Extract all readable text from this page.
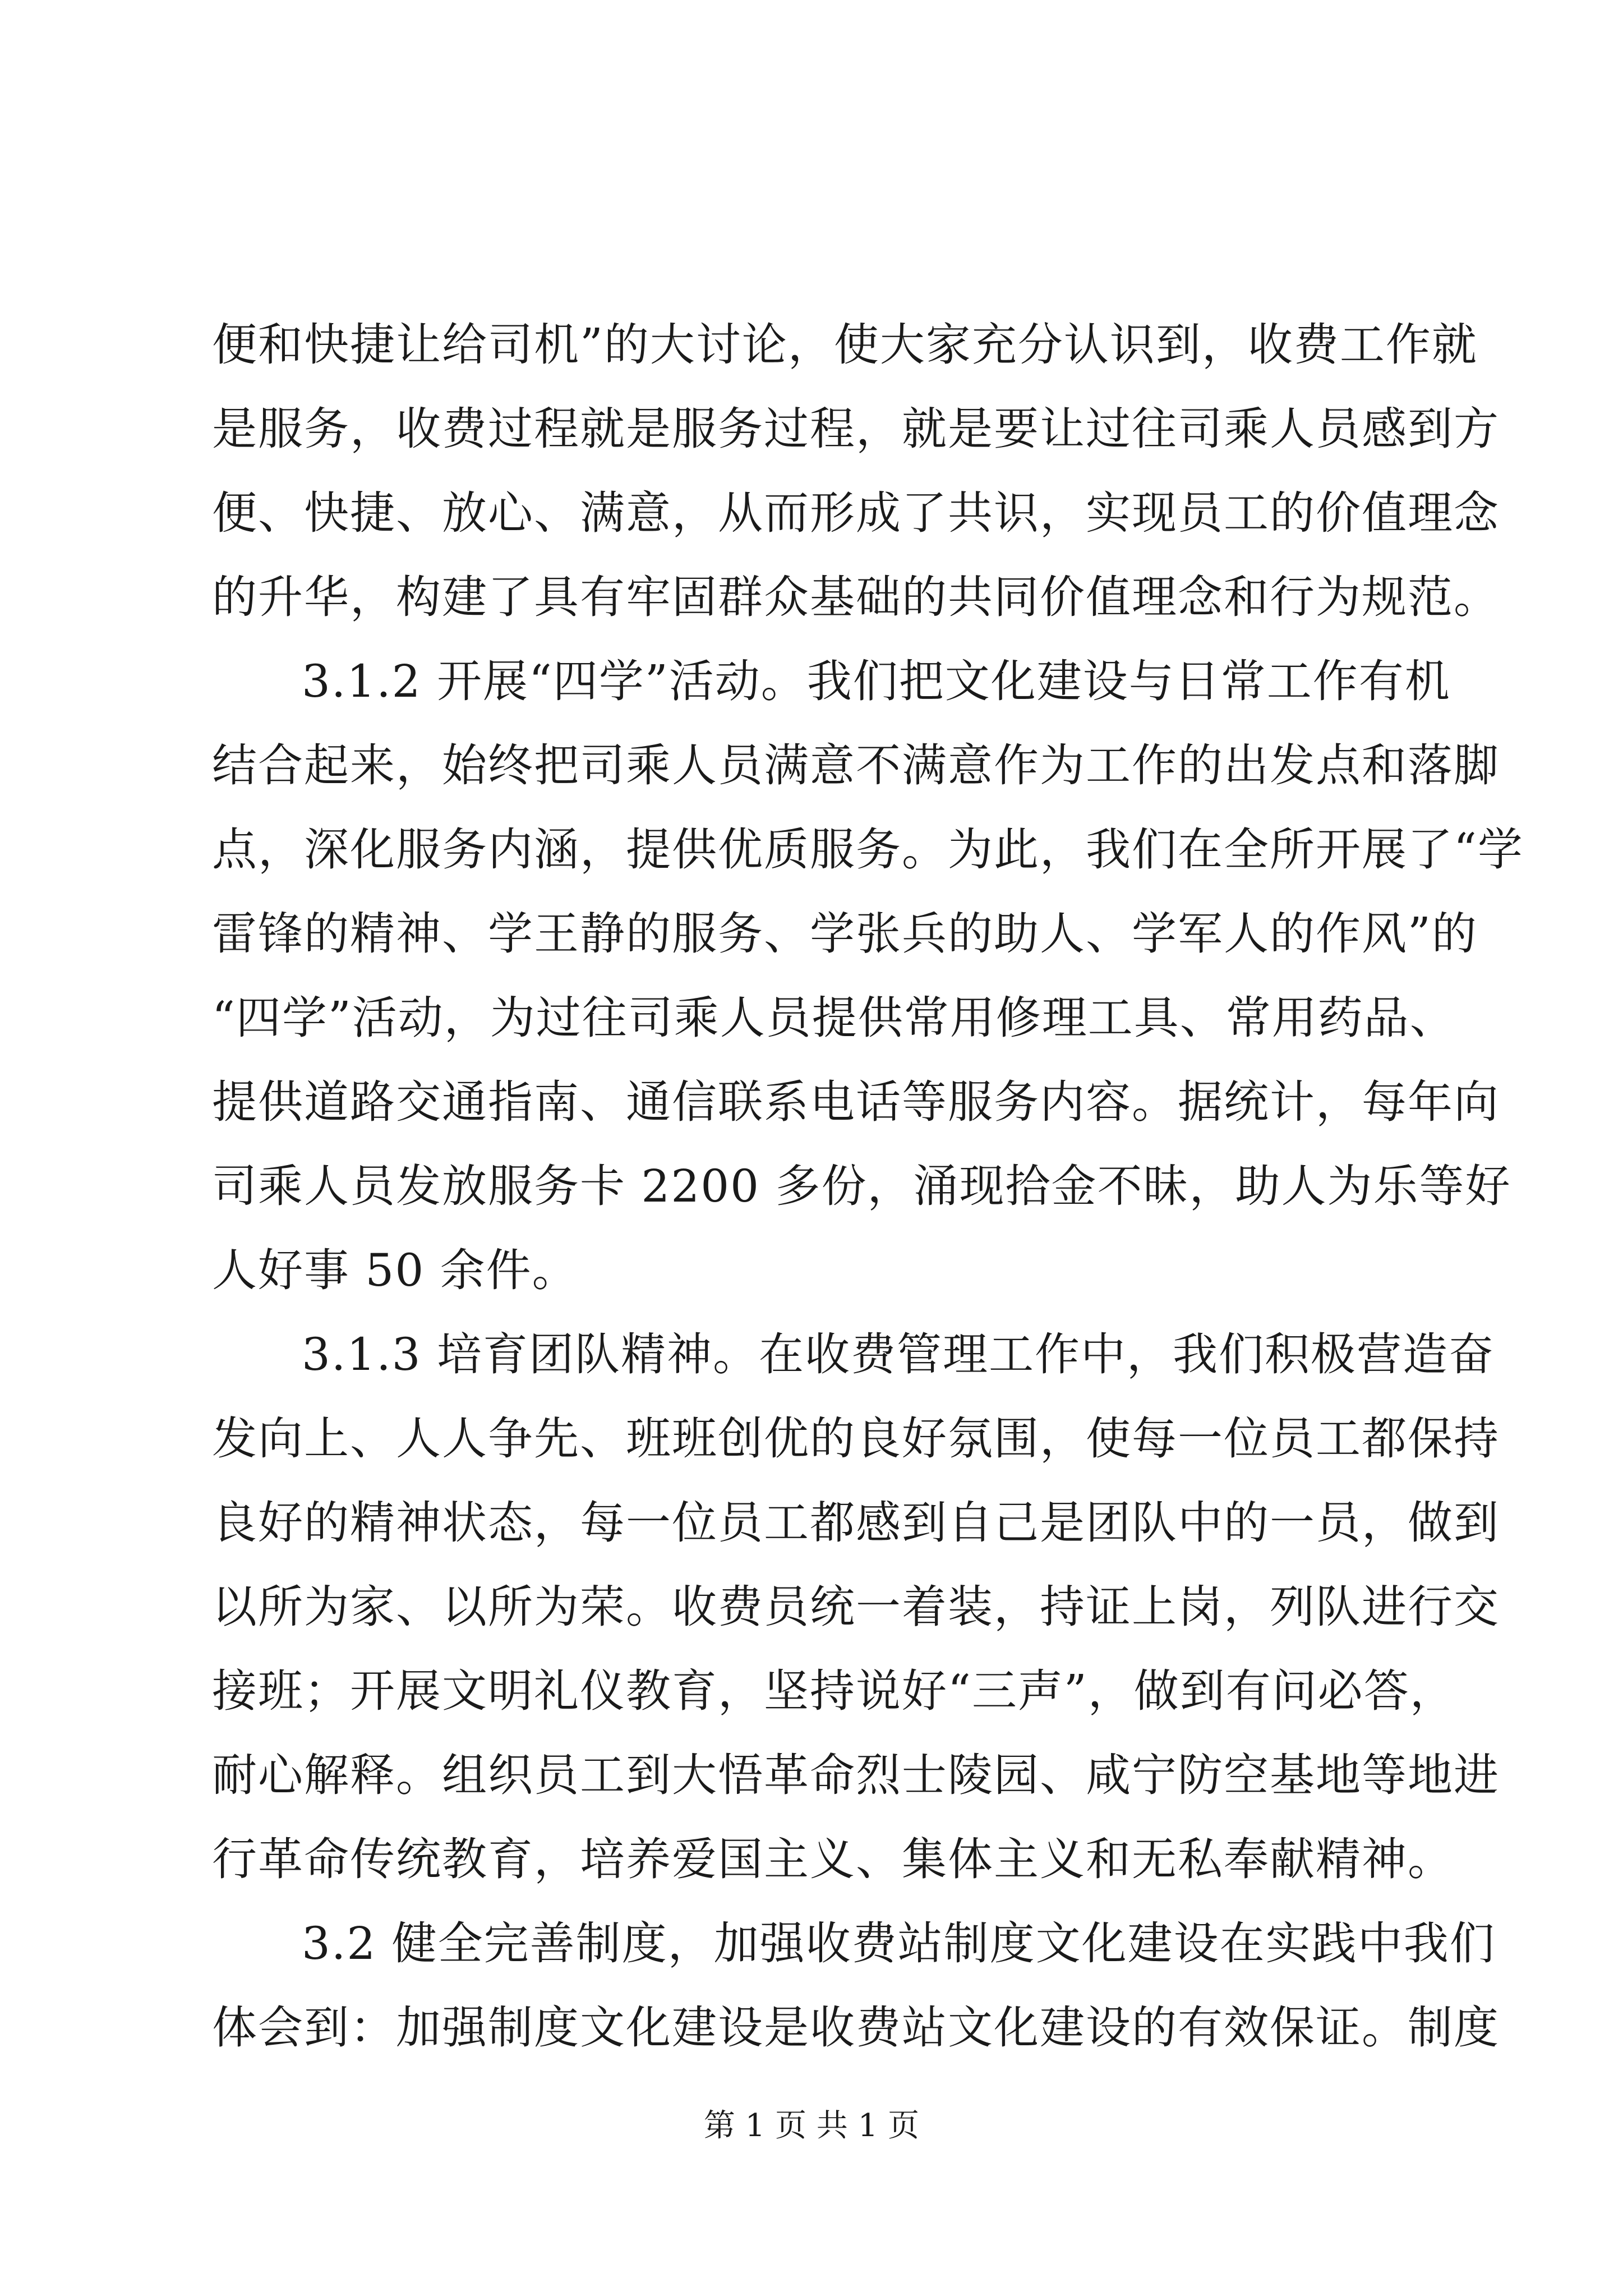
便和快捷让给司机”的大讨论，使大家充分认识到，收费工作就
是服务，收费过程就是服务过程，就是要让过往司乘人员感到方
便、快捷、放心、满意，从而形成了共识，实现员工的价值理念
的升华，构建了具有牢固群众基础的共同价值理念和行为规范。
3.1.2 开展“四学”活动。我们把文化建设与日常工作有机
结合起来，始终把司乘人员满意不满意作为工作的出发点和落脚
点，深化服务内涵，提供优质服务。为此，我们在全所开展了“学
雷锋的精神、学王静的服务、学张兵的助人、学军人的作风”的
“四学”活动，为过往司乘人员提供常用修理工具、常用药品、
提供道路交通指南、通信联系电话等服务内容。据统计，每年向
司乘人员发放服务卡 2200 多份，涌现拾金不昧，助人为乐等好
人好事 50 余件。
3.1.3 培育团队精神。在收费管理工作中，我们积极营造奋
发向上、人人争先、班班创优的良好氛围，使每一位员工都保持
良好的精神状态，每一位员工都感到自己是团队中的一员，做到
以所为家、以所为荣。收费员统一着装，持证上岗，列队进行交
接班；开展文明礼仪教育，坚持说好“三声”，做到有问必答，
耐心解释。组织员工到大悟革命烈士陵园、咸宁防空基地等地进
行革命传统教育，培养爱国主义、集体主义和无私奉献精神。
3.2 健全完善制度，加强收费站制度文化建设在实践中我们
体会到：加强制度文化建设是收费站文化建设的有效保证。制度
第 1 页 共 1 页
